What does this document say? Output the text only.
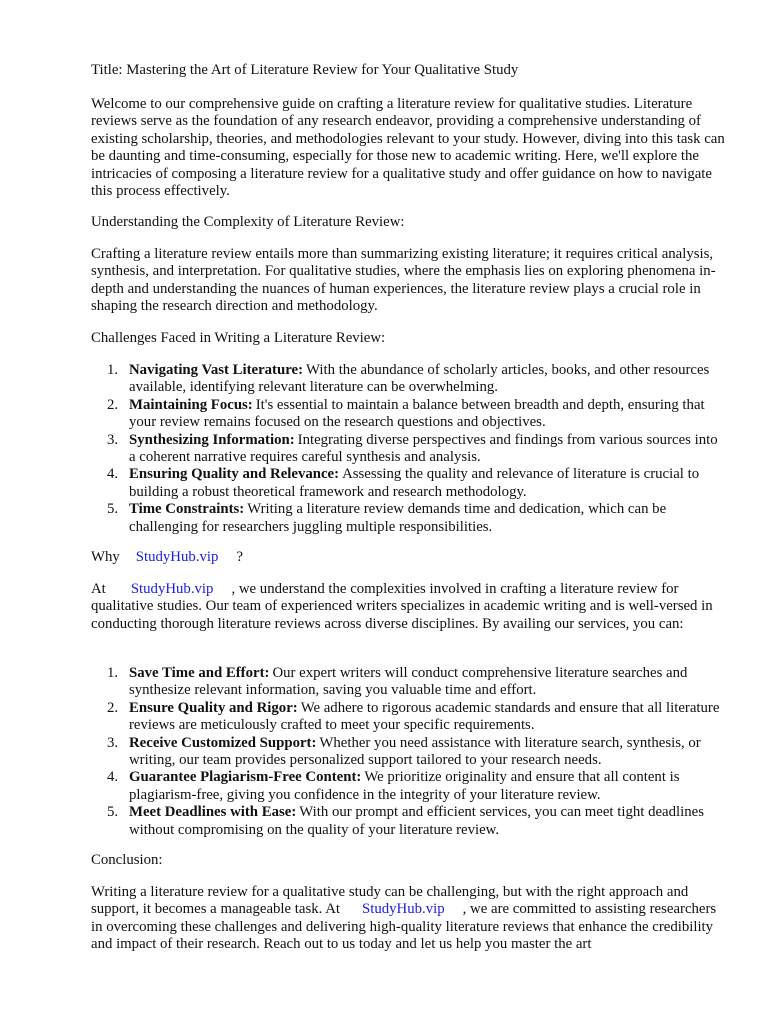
Title: Mastering the Art of Literature Review for Your Qualitative Study

Welcome to our comprehensive guide on crafting a literature review for qualitative studies. Literature reviews serve as the foundation of any research endeavor, providing a comprehensive understanding of existing scholarship, theories, and methodologies relevant to your study. However, diving into this task can be daunting and time-consuming, especially for those new to academic writing. Here, we'll explore the intricacies of composing a literature review for a qualitative study and offer guidance on how to navigate this process effectively.

Understanding the Complexity of Literature Review:

Crafting a literature review entails more than summarizing existing literature; it requires critical analysis, synthesis, and interpretation. For qualitative studies, where the emphasis lies on exploring phenomena in-depth and understanding the nuances of human experiences, the literature review plays a crucial role in shaping the research direction and methodology.

Challenges Faced in Writing a Literature Review:

1. Navigating Vast Literature: With the abundance of scholarly articles, books, and other resources available, identifying relevant literature can be overwhelming.
2. Maintaining Focus: It's essential to maintain a balance between breadth and depth, ensuring that your review remains focused on the research questions and objectives.
3. Synthesizing Information: Integrating diverse perspectives and findings from various sources into a coherent narrative requires careful synthesis and analysis.
4. Ensuring Quality and Relevance: Assessing the quality and relevance of literature is crucial to building a robust theoretical framework and research methodology.
5. Time Constraints: Writing a literature review demands time and dedication, which can be challenging for researchers juggling multiple responsibilities.

Why StudyHub.vip ?

At StudyHub.vip , we understand the complexities involved in crafting a literature review for qualitative studies. Our team of experienced writers specializes in academic writing and is well-versed in conducting thorough literature reviews across diverse disciplines. By availing our services, you can:

1. Save Time and Effort: Our expert writers will conduct comprehensive literature searches and synthesize relevant information, saving you valuable time and effort.
2. Ensure Quality and Rigor: We adhere to rigorous academic standards and ensure that all literature reviews are meticulously crafted to meet your specific requirements.
3. Receive Customized Support: Whether you need assistance with literature search, synthesis, or writing, our team provides personalized support tailored to your research needs.
4. Guarantee Plagiarism-Free Content: We prioritize originality and ensure that all content is plagiarism-free, giving you confidence in the integrity of your literature review.
5. Meet Deadlines with Ease: With our prompt and efficient services, you can meet tight deadlines without compromising on the quality of your literature review.

Conclusion:

Writing a literature review for a qualitative study can be challenging, but with the right approach and support, it becomes a manageable task. At StudyHub.vip , we are committed to assisting researchers in overcoming these challenges and delivering high-quality literature reviews that enhance the credibility and impact of their research. Reach out to us today and let us help you master the art
